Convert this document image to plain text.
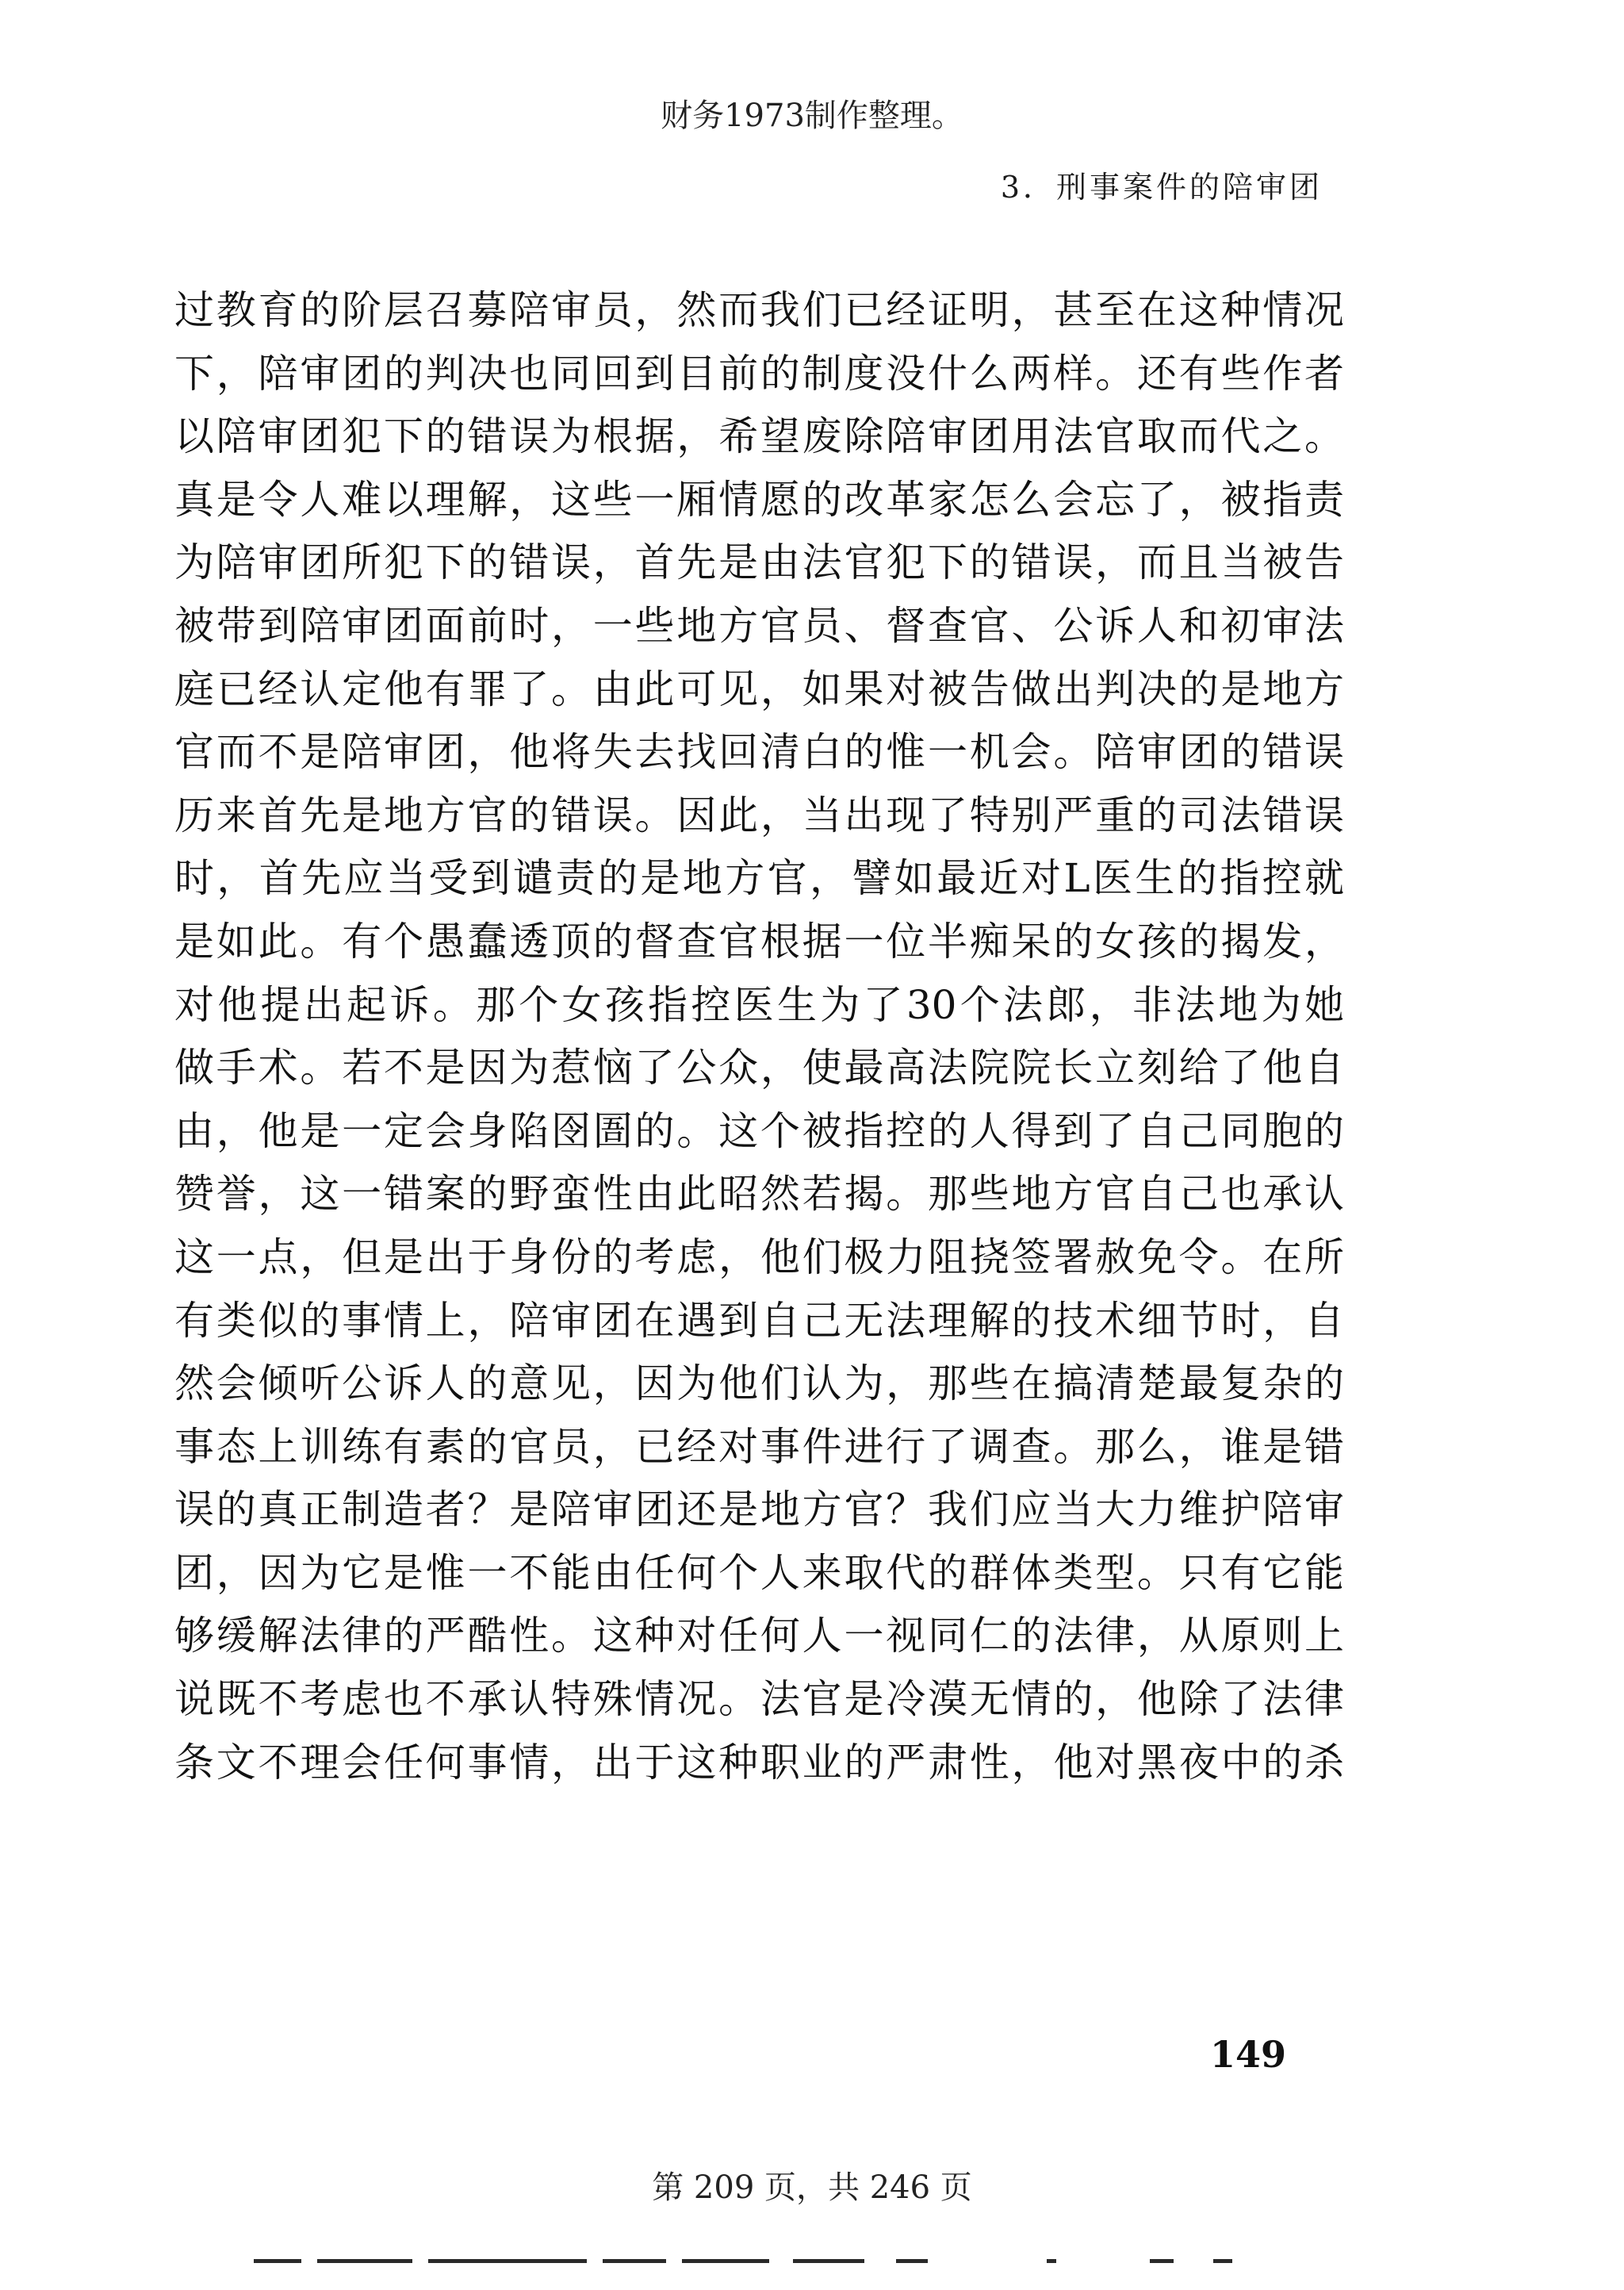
财务1973制作整理。
3．刑事案件的陪审团
过教育的阶层召募陪审员，然而我们已经证明，甚至在这种情况
下，陪审团的判决也同回到目前的制度没什么两样。还有些作者
以陪审团犯下的错误为根据，希望废除陪审团用法官取而代之。
真是令人难以理解，这些一厢情愿的改革家怎么会忘了，被指责
为陪审团所犯下的错误，首先是由法官犯下的错误，而且当被告
被带到陪审团面前时，一些地方官员、督查官、公诉人和初审法
庭已经认定他有罪了。由此可见，如果对被告做出判决的是地方
官而不是陪审团，他将失去找回清白的惟一机会。陪审团的错误
历来首先是地方官的错误。因此，当出现了特别严重的司法错误
时，首先应当受到谴责的是地方官，譬如最近对L医生的指控就
是如此。有个愚蠢透顶的督查官根据一位半痴呆的女孩的揭发，
对他提出起诉。那个女孩指控医生为了30个法郎，非法地为她
做手术。若不是因为惹恼了公众，使最高法院院长立刻给了他自
由，他是一定会身陷囹圄的。这个被指控的人得到了自己同胞的
赞誉，这一错案的野蛮性由此昭然若揭。那些地方官自己也承认
这一点，但是出于身份的考虑，他们极力阻挠签署赦免令。在所
有类似的事情上，陪审团在遇到自己无法理解的技术细节时，自
然会倾听公诉人的意见，因为他们认为，那些在搞清楚最复杂的
事态上训练有素的官员，已经对事件进行了调查。那么，谁是错
误的真正制造者？是陪审团还是地方官？我们应当大力维护陪审
团，因为它是惟一不能由任何个人来取代的群体类型。只有它能
够缓解法律的严酷性。这种对任何人一视同仁的法律，从原则上
说既不考虑也不承认特殊情况。法官是冷漠无情的，他除了法律
条文不理会任何事情，出于这种职业的严肃性，他对黑夜中的杀
149
第 209 页，共 246 页
